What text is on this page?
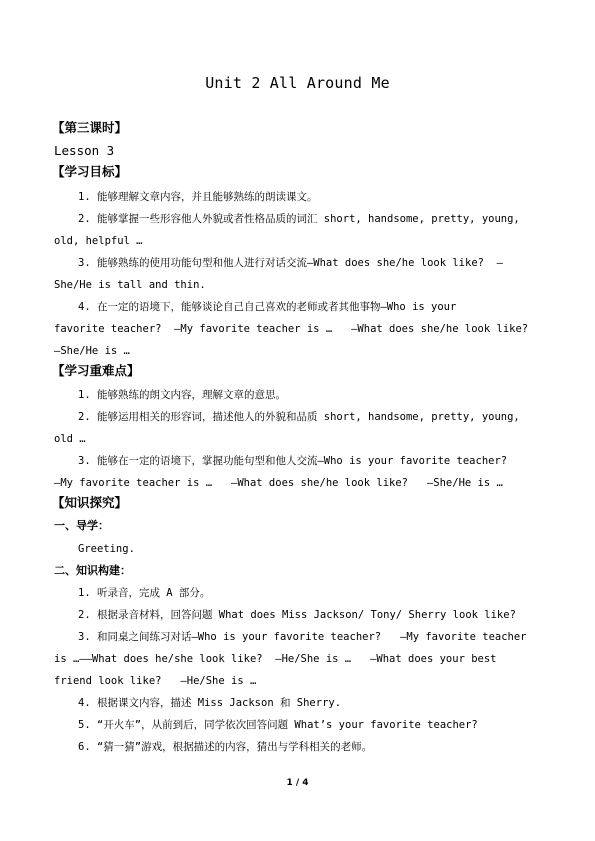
Unit 2 All Around Me
【第三课时】
Lesson 3
【学习目标】
1. 能够理解文章内容，并且能够熟练的朗读课文。
2. 能够掌握一些形容他人外貌或者性格品质的词汇 short, handsome, pretty, young,
old, helpful …
3. 能够熟练的使用功能句型和他人进行对话交流—What does she/he look like?  —
She/He is tall and thin.
4. 在一定的语境下，能够谈论自己自己喜欢的老师或者其他事物—Who is your
favorite teacher?  —My favorite teacher is …   —What does she/he look like?
—She/He is …
【学习重难点】
1. 能够熟练的朗文内容，理解文章的意思。
2. 能够运用相关的形容词，描述他人的外貌和品质 short, handsome, pretty, young,
old …
3. 能够在一定的语境下，掌握功能句型和他人交流—Who is your favorite teacher?
—My favorite teacher is …   —What does she/he look like?   —She/He is …
【知识探究】
一、导学：
Greeting.
二、知识构建：
1. 听录音，完成 A 部分。
2. 根据录音材料，回答问题 What does Miss Jackson/ Tony/ Sherry look like?
3. 和同桌之间练习对话—Who is your favorite teacher?   —My favorite teacher
is …——What does he/she look like?  —He/She is …   —What does your best
friend look like?   —He/She is …
4. 根据课文内容，描述 Miss Jackson 和 Sherry.
5. “开火车”，从前到后，同学依次回答问题 What’s your favorite teacher?
6. “猜一猜”游戏，根据描述的内容，猜出与学科相关的老师。
1 / 4
